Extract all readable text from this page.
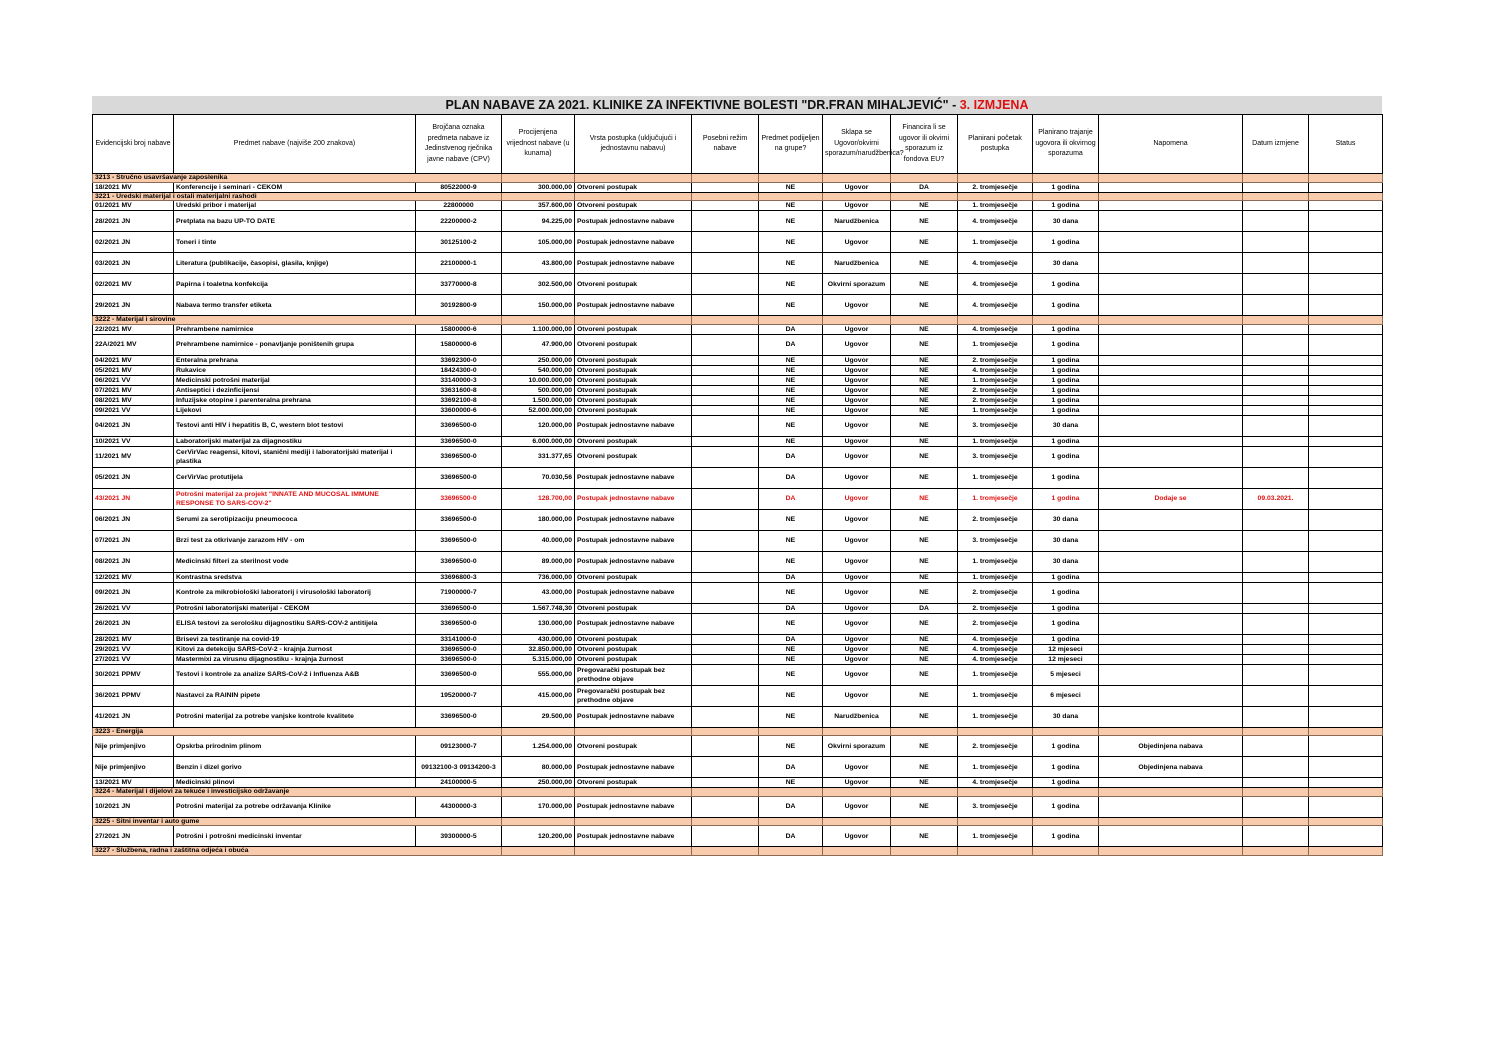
PLAN NABAVE ZA 2021. KLINIKE ZA INFEKTIVNE BOLESTI "DR.FRAN MIHALJEVIĆ" - 3. IZMJENA
Evidencijski broj nabave	Predmet nabave (najviše 200 znakova)	Brojčana oznaka predmeta nabave iz Jedinstvenog rječnika javne nabave (CPV)	Procijenjena vrijednost nabave (u kunama)	Vrsta postupka (uključujući i jednostavnu nabavu)	Posebni režim nabave	Predmet podijeljen na grupe?	Sklapa se Ugovor/okvirni sporazum/narudžbenica?	Financira li se ugovor ili okvirni sporazum iz fondova EU?	Planirani početak postupka	Planirano trajanje ugovora ili okvirnog sporazuma	Napomena	Datum izmjene	Status
3213 - Stručno usavršavanje zaposlenika													
18/2021 MV	Konferencije i seminari - CEKOM	80522000-9	300.000,00	Otvoreni postupak		NE	Ugovor	DA	2. tromjesečje	1 godina			
3221 - Uredski materijal i ostali materijalni rashodi													
01/2021 MV	Uredski pribor i materijal	22800000	357.600,00	Otvoreni postupak		NE	Ugovor	NE	1. tromjesečje	1 godina			
28/2021 JN	Pretplata na bazu UP-TO DATE	22200000-2	94.225,00	Postupak jednostavne nabave		NE	Narudžbenica	NE	4. tromjesečje	30 dana			
02/2021 JN	Toneri i tinte	30125100-2	105.000,00	Postupak jednostavne nabave		NE	Ugovor	NE	1. tromjesečje	1 godina			
03/2021 JN	Literatura (publikacije, časopisi, glasila, knjige)	22100000-1	43.800,00	Postupak jednostavne nabave		NE	Narudžbenica	NE	4. tromjesečje	30 dana			
02/2021 MV	Papirna i toaletna konfekcija	33770000-8	302.500,00	Otvoreni postupak		NE	Okvirni sporazum	NE	4. tromjesečje	1 godina			
29/2021 JN	Nabava termo transfer etiketa	30192800-9	150.000,00	Postupak jednostavne nabave		NE	Ugovor	NE	4. tromjesečje	1 godina			
3222 - Materijal i sirovine													
22/2021 MV	Prehrambene namirnice	15800000-6	1.100.000,00	Otvoreni postupak		DA	Ugovor	NE	4. tromjesečje	1 godina			
22A/2021 MV	Prehrambene namirnice - ponavljanje poništenih grupa	15800000-6	47.900,00	Otvoreni postupak		DA	Ugovor	NE	1. tromjesečje	1 godina			
04/2021 MV	Enteralna prehrana	33692300-0	250.000,00	Otvoreni postupak		NE	Ugovor	NE	2. tromjesečje	1 godina			
05/2021 MV	Rukavice	18424300-0	540.000,00	Otvoreni postupak		NE	Ugovor	NE	4. tromjesečje	1 godina			
06/2021 VV	Medicinski potrošni materijal	33140000-3	10.000.000,00	Otvoreni postupak		NE	Ugovor	NE	1. tromjesečje	1 godina			
07/2021 MV	Antiseptici i dezinficijensi	33631600-8	500.000,00	Otvoreni postupak		NE	Ugovor	NE	2. tromjesečje	1 godina			
08/2021 MV	Infuzijske otopine i parenteralna prehrana	33692100-8	1.500.000,00	Otvoreni postupak		NE	Ugovor	NE	2. tromjesečje	1 godina			
09/2021 VV	Lijekovi	33600000-6	52.000.000,00	Otvoreni postupak		NE	Ugovor	NE	1. tromjesečje	1 godina			
04/2021 JN	Testovi anti HIV i hepatitis B, C, western blot testovi	33696500-0	120.000,00	Postupak jednostavne nabave		NE	Ugovor	NE	3. tromjesečje	30 dana			
10/2021 VV	Laboratorijski materijal za dijagnostiku	33696500-0	6.000.000,00	Otvoreni postupak		NE	Ugovor	NE	1. tromjesečje	1 godina			
11/2021 MV	CerVirVac reagensi, kitovi, stanični mediji i laboratorijski materijal i plastika	33696500-0	331.377,65	Otvoreni postupak		DA	Ugovor	NE	3. tromjesečje	1 godina			
05/2021 JN	CerVirVac protutijela	33696500-0	70.030,56	Postupak jednostavne nabave		DA	Ugovor	NE	1. tromjesečje	1 godina			
43/2021 JN	Potrošni materijal za projekt "INNATE AND MUCOSAL IMMUNE RESPONSE TO SARS-COV-2"	33696500-0	128.700,00	Postupak jednostavne nabave		DA	Ugovor	NE	1. tromjesečje	1 godina	Dodaje se	09.03.2021.	
06/2021 JN	Serumi za serotipizaciju pneumococa	33696500-0	180.000,00	Postupak jednostavne nabave		NE	Ugovor	NE	2. tromjesečje	30 dana			
07/2021 JN	Brzi test za otkrivanje zarazom HIV - om	33696500-0	40.000,00	Postupak jednostavne nabave		NE	Ugovor	NE	3. tromjesečje	30 dana			
08/2021 JN	Medicinski filteri za sterilnost vode	33696500-0	89.000,00	Postupak jednostavne nabave		NE	Ugovor	NE	1. tromjesečje	30 dana			
12/2021 MV	Kontrastna sredstva	33696800-3	736.000,00	Otvoreni postupak		DA	Ugovor	NE	1. tromjesečje	1 godina			
09/2021 JN	Kontrole za mikrobiološki laboratorij i virusološki laboratorij	71900000-7	43.000,00	Postupak jednostavne nabave		NE	Ugovor	NE	2. tromjesečje	1 godina			
26/2021 VV	Potrošni laboratorijski materijal - CEKOM	33696500-0	1.567.748,30	Otvoreni postupak		DA	Ugovor	DA	2. tromjesečje	1 godina			
26/2021 JN	ELISA testovi za serološku dijagnostiku SARS-COV-2 antitijela	33696500-0	130.000,00	Postupak jednostavne nabave		NE	Ugovor	NE	2. tromjesečje	1 godina			
28/2021 MV	Brisevi za testiranje na covid-19	33141000-0	430.000,00	Otvoreni postupak		DA	Ugovor	NE	4. tromjesečje	1 godina			
29/2021 VV	Kitovi za detekciju SARS-CoV-2 - krajnja žurnost	33696500-0	32.850.000,00	Otvoreni postupak		NE	Ugovor	NE	4. tromjesečje	12 mjeseci			
27/2021 VV	Mastermixi za virusnu dijagnostiku - krajnja žurnost	33696500-0	5.315.000,00	Otvoreni postupak		NE	Ugovor	NE	4. tromjesečje	12 mjeseci			
30/2021 PPMV	Testovi i kontrole za analize SARS-CoV-2 i Influenza A&B	33696500-0	555.000,00	Pregovarački postupak bez prethodne objave		NE	Ugovor	NE	1. tromjesečje	5 mjeseci			
36/2021 PPMV	Nastavci za RAININ pipete	19520000-7	415.000,00	Pregovarački postupak bez prethodne objave		NE	Ugovor	NE	1. tromjesečje	6 mjeseci			
41/2021 JN	Potrošni materijal za potrebe vanjske kontrole kvalitete	33696500-0	29.500,00	Postupak jednostavne nabave		NE	Narudžbenica	NE	1. tromjesečje	30 dana			
3223 - Energija													
Nije primjenjivo	Opskrba prirodnim plinom	09123000-7	1.254.000,00	Otvoreni postupak		NE	Okvirni sporazum	NE	2. tromjesečje	1 godina	Objedinjena nabava		
Nije primjenjivo	Benzin i dizel gorivo	09132100-3 09134200-3	80.000,00	Postupak jednostavne nabave		DA	Ugovor	NE	1. tromjesečje	1 godina	Objedinjena nabava		
13/2021 MV	Medicinski plinovi	24100000-5	250.000,00	Otvoreni postupak		NE	Ugovor	NE	4. tromjesečje	1 godina			
3224 - Materijal i dijelovi za tekuće i investicijsko održavanje													
10/2021 JN	Potrošni materijal za potrebe održavanja Klinike	44300000-3	170.000,00	Postupak jednostavne nabave		DA	Ugovor	NE	3. tromjesečje	1 godina			
3225 - Sitni inventar i auto gume													
27/2021 JN	Potrošni i potrošni medicinski inventar	39300000-5	120.200,00	Postupak jednostavne nabave		DA	Ugovor	NE	1. tromjesečje	1 godina			
3227 - Službena, radna i zaštitna odjeća i obuća													
